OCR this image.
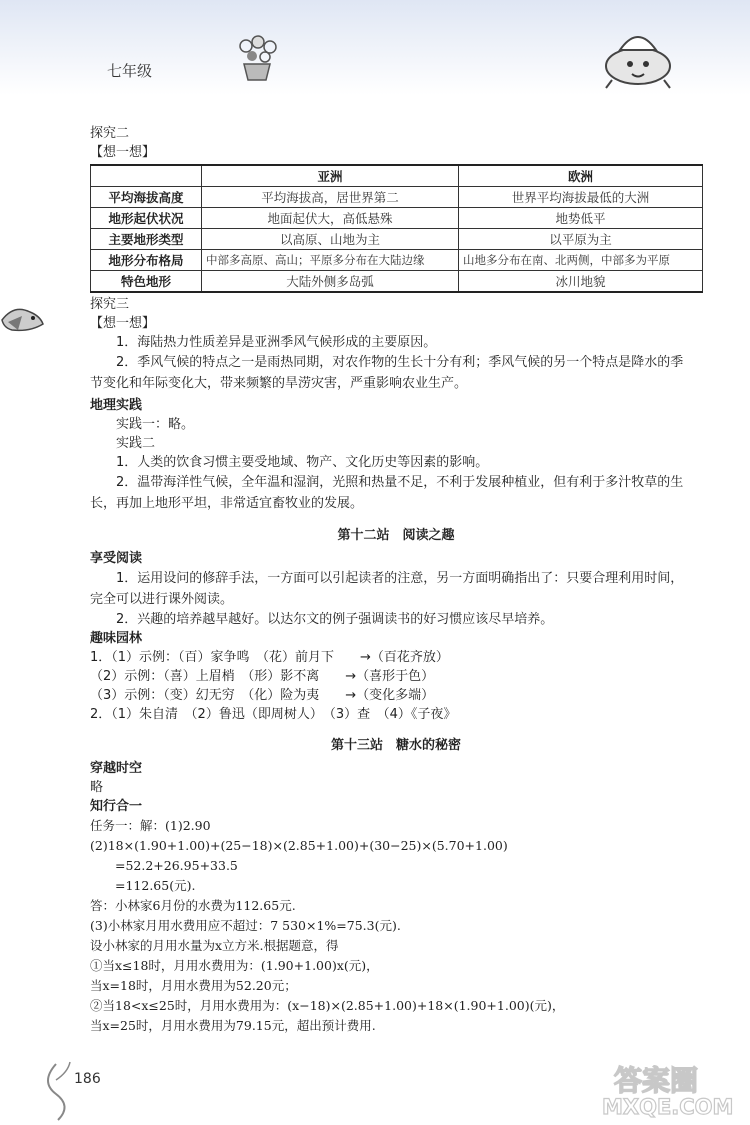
七年级
186	答案圈
MXQE.COM
探究二
【想一想】
	亚洲	欧洲
平均海拔高度	平均海拔高，居世界第二	世界平均海拔最低的大洲
地形起伏状况	地面起伏大，高低悬殊	地势低平
主要地形类型	以高原、山地为主	以平原为主
地形分布格局	中部多高原、高山；平原多分布在大陆边缘	山地多分布在南、北两侧，中部多为平原
特色地形	大陆外侧多岛弧	冰川地貌
探究三
【想一想】
1．海陆热力性质差异是亚洲季风气候形成的主要原因。
2．季风气候的特点之一是雨热同期，对农作物的生长十分有利；季风气候的另一个特点是降水的季
节变化和年际变化大，带来频繁的旱涝灾害，严重影响农业生产。
地理实践
实践一：略。
实践二
1．人类的饮食习惯主要受地域、物产、文化历史等因素的影响。
2．温带海洋性气候，全年温和湿润，光照和热量不足，不利于发展种植业，但有利于多汁牧草的生
长，再加上地形平坦，非常适宜畜牧业的发展。
第十二站　阅读之趣
享受阅读
1．运用设问的修辞手法，一方面可以引起读者的注意，另一方面明确指出了：只要合理利用时间，
完全可以进行课外阅读。
2．兴趣的培养越早越好。以达尔文的例子强调读书的好习惯应该尽早培养。
趣味园林
1．（1）示例：（百）家争鸣　（花）前月下　　→（百花齐放）
（2）示例：（喜）上眉梢　（形）影不离　　→（喜形于色）
（3）示例：（变）幻无穷　（化）险为夷　　→（变化多端）
2．（1）朱自清　（2）鲁迅（即周树人）　（3）查　（4）《子夜》
第十三站　糖水的秘密
穿越时空
略
知行合一
任务一：解：(1)2.90
(2)18×(1.90+1.00)+(25−18)×(2.85+1.00)+(30−25)×(5.70+1.00)
=52.2+26.95+33.5
=112.65(元).
答：小林家6月份的水费为112.65元.
(3)小林家月用水费用应不超过：7 530×1%=75.3(元).
设小林家的月用水量为x立方米.根据题意，得
①当x≤18时，月用水费用为：(1.90+1.00)x(元)，
当x=18时，月用水费用为52.20元；
②当18<x≤25时，月用水费用为：(x−18)×(2.85+1.00)+18×(1.90+1.00)(元)，
当x=25时，月用水费用为79.15元，超出预计费用.
